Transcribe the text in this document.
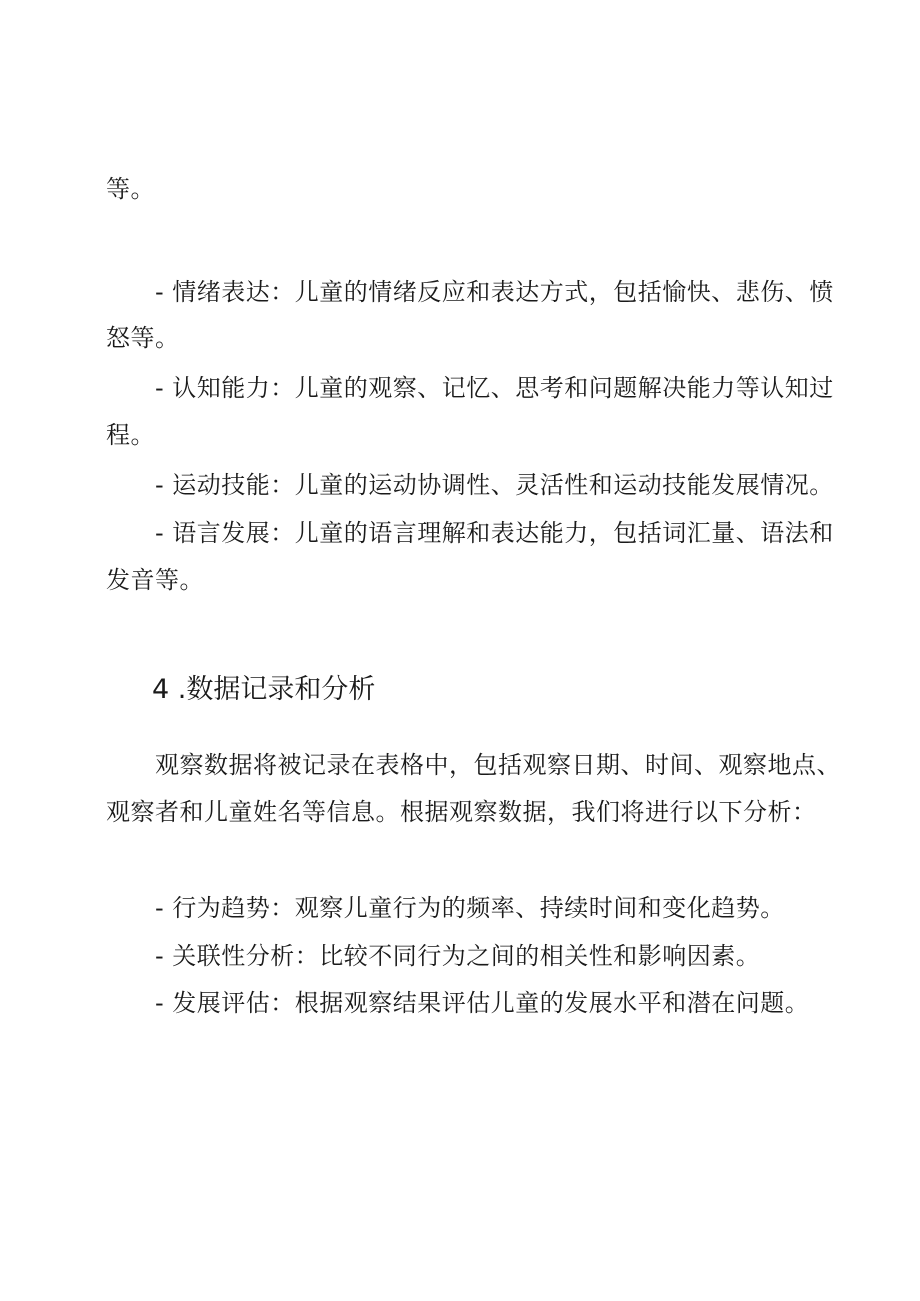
等。
- 情绪表达：儿童的情绪反应和表达方式，包括愉快、悲伤、愤
怒等。
- 认知能力：儿童的观察、记忆、思考和问题解决能力等认知过
程。
- 运动技能：儿童的运动协调性、灵活性和运动技能发展情况。
- 语言发展：儿童的语言理解和表达能力，包括词汇量、语法和
发音等。
4 .数据记录和分析
观察数据将被记录在表格中，包括观察日期、时间、观察地点、
观察者和儿童姓名等信息。根据观察数据，我们将进行以下分析：
- 行为趋势：观察儿童行为的频率、持续时间和变化趋势。
- 关联性分析：比较不同行为之间的相关性和影响因素。
- 发展评估：根据观察结果评估儿童的发展水平和潜在问题。
